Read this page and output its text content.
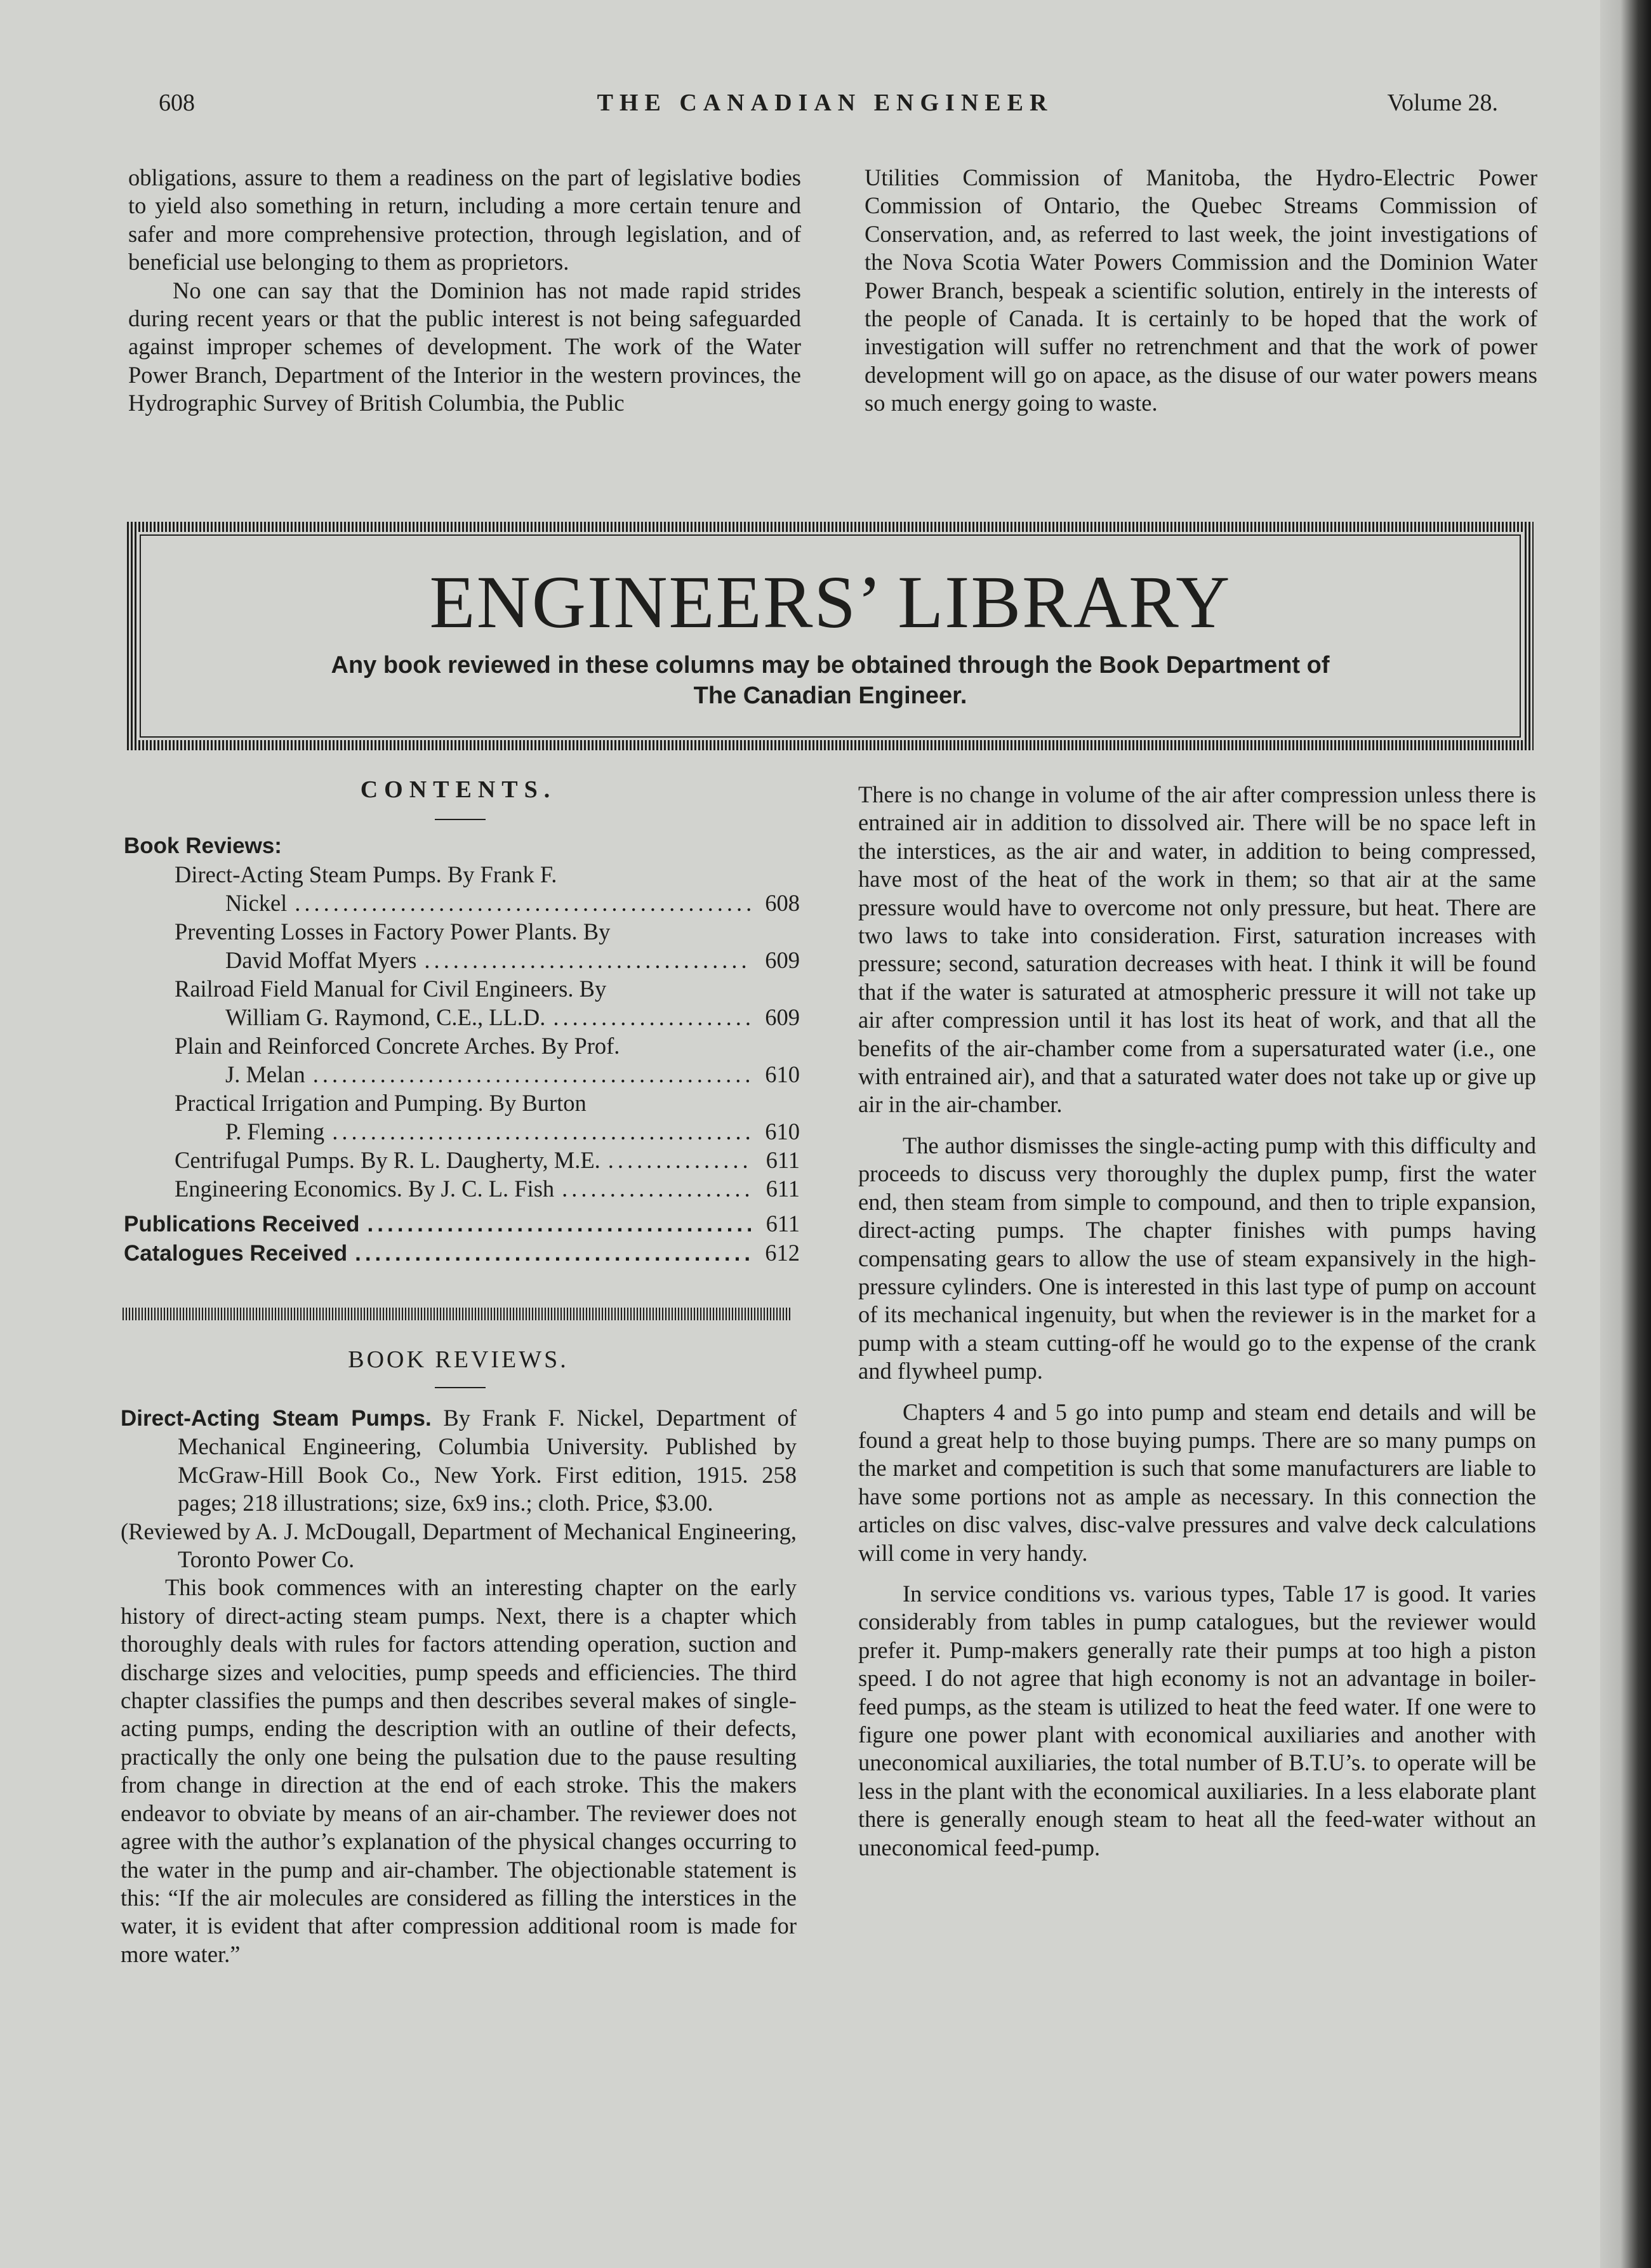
608	THE CANADIAN ENGINEER	Volume 28.

obligations, assure to them a readiness on the part of legislative bodies to yield also something in return, including a more certain tenure and safer and more comprehensive protection, through legislation, and of beneficial use belonging to them as proprietors.

No one can say that the Dominion has not made rapid strides during recent years or that the public interest is not being safeguarded against improper schemes of development. The work of the Water Power Branch, Department of the Interior in the western provinces, the Hydrographic Survey of British Columbia, the Public

Utilities Commission of Manitoba, the Hydro-Electric Power Commission of Ontario, the Quebec Streams Commission of Conservation, and, as referred to last week, the joint investigations of the Nova Scotia Water Powers Commission and the Dominion Water Power Branch, bespeak a scientific solution, entirely in the interests of the people of Canada. It is certainly to be hoped that the work of investigation will suffer no retrenchment and that the work of power development will go on apace, as the disuse of our water powers means so much energy going to waste.

ENGINEERS’ LIBRARY
Any book reviewed in these columns may be obtained through the Book Department of
The Canadian Engineer.
CONTENTS.
Book Reviews:
Direct-Acting Steam Pumps. By Frank F.
Nickel .....	608
Preventing Losses in Factory Power Plants. By
David Moffat Myers .....	609
Railroad Field Manual for Civil Engineers. By
William G. Raymond, C.E., LL.D. .....	609
Plain and Reinforced Concrete Arches. By Prof.
J. Melan .....	610
Practical Irrigation and Pumping. By Burton
P. Fleming .....	610
Centrifugal Pumps. By R. L. Daugherty, M.E. .....	611
Engineering Economics. By J. C. L. Fish .....	611
Publications Received .....	611
Catalogues Received .....	612
BOOK REVIEWS.

Direct-Acting Steam Pumps. By Frank F. Nickel, Department of Mechanical Engineering, Columbia University. Published by McGraw-Hill Book Co., New York. First edition, 1915. 258 pages; 218 illustrations; size, 6x9 ins.; cloth. Price, $3.00.

(Reviewed by A. J. McDougall, Department of Mechanical Engineering, Toronto Power Co.

This book commences with an interesting chapter on the early history of direct-acting steam pumps. Next, there is a chapter which thoroughly deals with rules for factors attending operation, suction and discharge sizes and velocities, pump speeds and efficiencies. The third chapter classifies the pumps and then describes several makes of single-acting pumps, ending the description with an outline of their defects, practically the only one being the pulsation due to the pause resulting from change in direction at the end of each stroke. This the makers endeavor to obviate by means of an air-chamber. The reviewer does not agree with the author’s explanation of the physical changes occurring to the water in the pump and air-chamber. The objectionable statement is this: “If the air molecules are considered as filling the interstices in the water, it is evident that after compression additional room is made for more water.”

There is no change in volume of the air after compression unless there is entrained air in addition to dissolved air. There will be no space left in the interstices, as the air and water, in addition to being compressed, have most of the heat of the work in them; so that air at the same pressure would have to overcome not only pressure, but heat. There are two laws to take into consideration. First, saturation increases with pressure; second, saturation decreases with heat. I think it will be found that if the water is saturated at atmospheric pressure it will not take up air after compression until it has lost its heat of work, and that all the benefits of the air-chamber come from a supersaturated water (i.e., one with entrained air), and that a saturated water does not take up or give up air in the air-chamber.

The author dismisses the single-acting pump with this difficulty and proceeds to discuss very thoroughly the duplex pump, first the water end, then steam from simple to compound, and then to triple expansion, direct-acting pumps. The chapter finishes with pumps having compensating gears to allow the use of steam expansively in the high-pressure cylinders. One is interested in this last type of pump on account of its mechanical ingenuity, but when the reviewer is in the market for a pump with a steam cutting-off he would go to the expense of the crank and flywheel pump.

Chapters 4 and 5 go into pump and steam end details and will be found a great help to those buying pumps. There are so many pumps on the market and competition is such that some manufacturers are liable to have some portions not as ample as necessary. In this connection the articles on disc valves, disc-valve pressures and valve deck calculations will come in very handy.

In service conditions vs. various types, Table 17 is good. It varies considerably from tables in pump catalogues, but the reviewer would prefer it. Pump-makers generally rate their pumps at too high a piston speed. I do not agree that high economy is not an advantage in boiler-feed pumps, as the steam is utilized to heat the feed water. If one were to figure one power plant with economical auxiliaries and another with uneconomical auxiliaries, the total number of B.T.U’s. to operate will be less in the plant with the economical auxiliaries. In a less elaborate plant there is generally enough steam to heat all the feed-water without an uneconomical feed-pump.
